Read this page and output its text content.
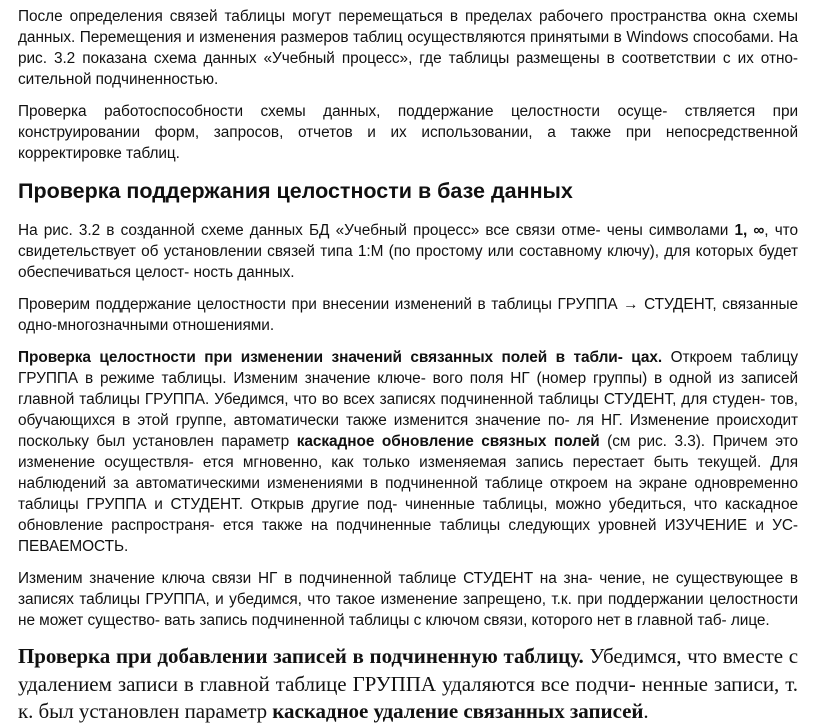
После определения связей таблицы могут перемещаться в пределах рабочего пространства окна схемы данных. Перемещения и изменения размеров таблиц осуществляются принятыми в Windows способами. На рис. 3.2 показана схема данных «Учебный процесс», где таблицы размещены в соответствии с их отно- сительной подчиненностью.

Проверка работоспособности схемы данных, поддержание целостности осуще- ствляется при конструировании форм, запросов, отчетов и их использовании, а также при непосредственной корректировке таблиц.

Проверка поддержания целостности в базе данных

На рис. 3.2 в созданной схеме данных БД «Учебный процесс» все связи отме- чены символами 1, ∞, что свидетельствует об установлении связей типа 1:М (по простому или составному ключу), для которых будет обеспечиваться целост- ность данных.

Проверим поддержание целостности при внесении изменений в таблицы ГРУППА → СТУДЕНТ, связанные одно-многозначными отношениями.

Проверка целостности при изменении значений связанных полей в табли- цах. Откроем таблицу ГРУППА в режиме таблицы. Изменим значение ключе- вого поля НГ (номер группы) в одной из записей главной таблицы ГРУППА. Убедимся, что во всех записях подчиненной таблицы СТУДЕНТ, для студен- тов, обучающихся в этой группе, автоматически также изменится значение по- ля НГ. Изменение происходит поскольку был установлен параметр каскадное обновление связных полей (см рис. 3.3). Причем это изменение осуществля- ется мгновенно, как только изменяемая запись перестает быть текущей. Для наблюдений за автоматическими изменениями в подчиненной таблице откроем на экране одновременно таблицы ГРУППА и СТУДЕНТ. Открыв другие под- чиненные таблицы, можно убедиться, что каскадное обновление распространя- ется также на подчиненные таблицы следующих уровней ИЗУЧЕНИЕ и УС- ПЕВАЕМОСТЬ.

Изменим значение ключа связи НГ в подчиненной таблице СТУДЕНТ на зна- чение, не существующее в записях таблицы ГРУППА, и убедимся, что такое изменение запрещено, т.к. при поддержании целостности не может существо- вать запись подчиненной таблицы с ключом связи, которого нет в главной таб- лице.

Проверка при добавлении записей в подчиненную таблицу. Убедимся, что вместе с удалением записи в главной таблице ГРУППА удаляются все подчи- ненные записи, т. к. был установлен параметр каскадное удаление связанных записей.
